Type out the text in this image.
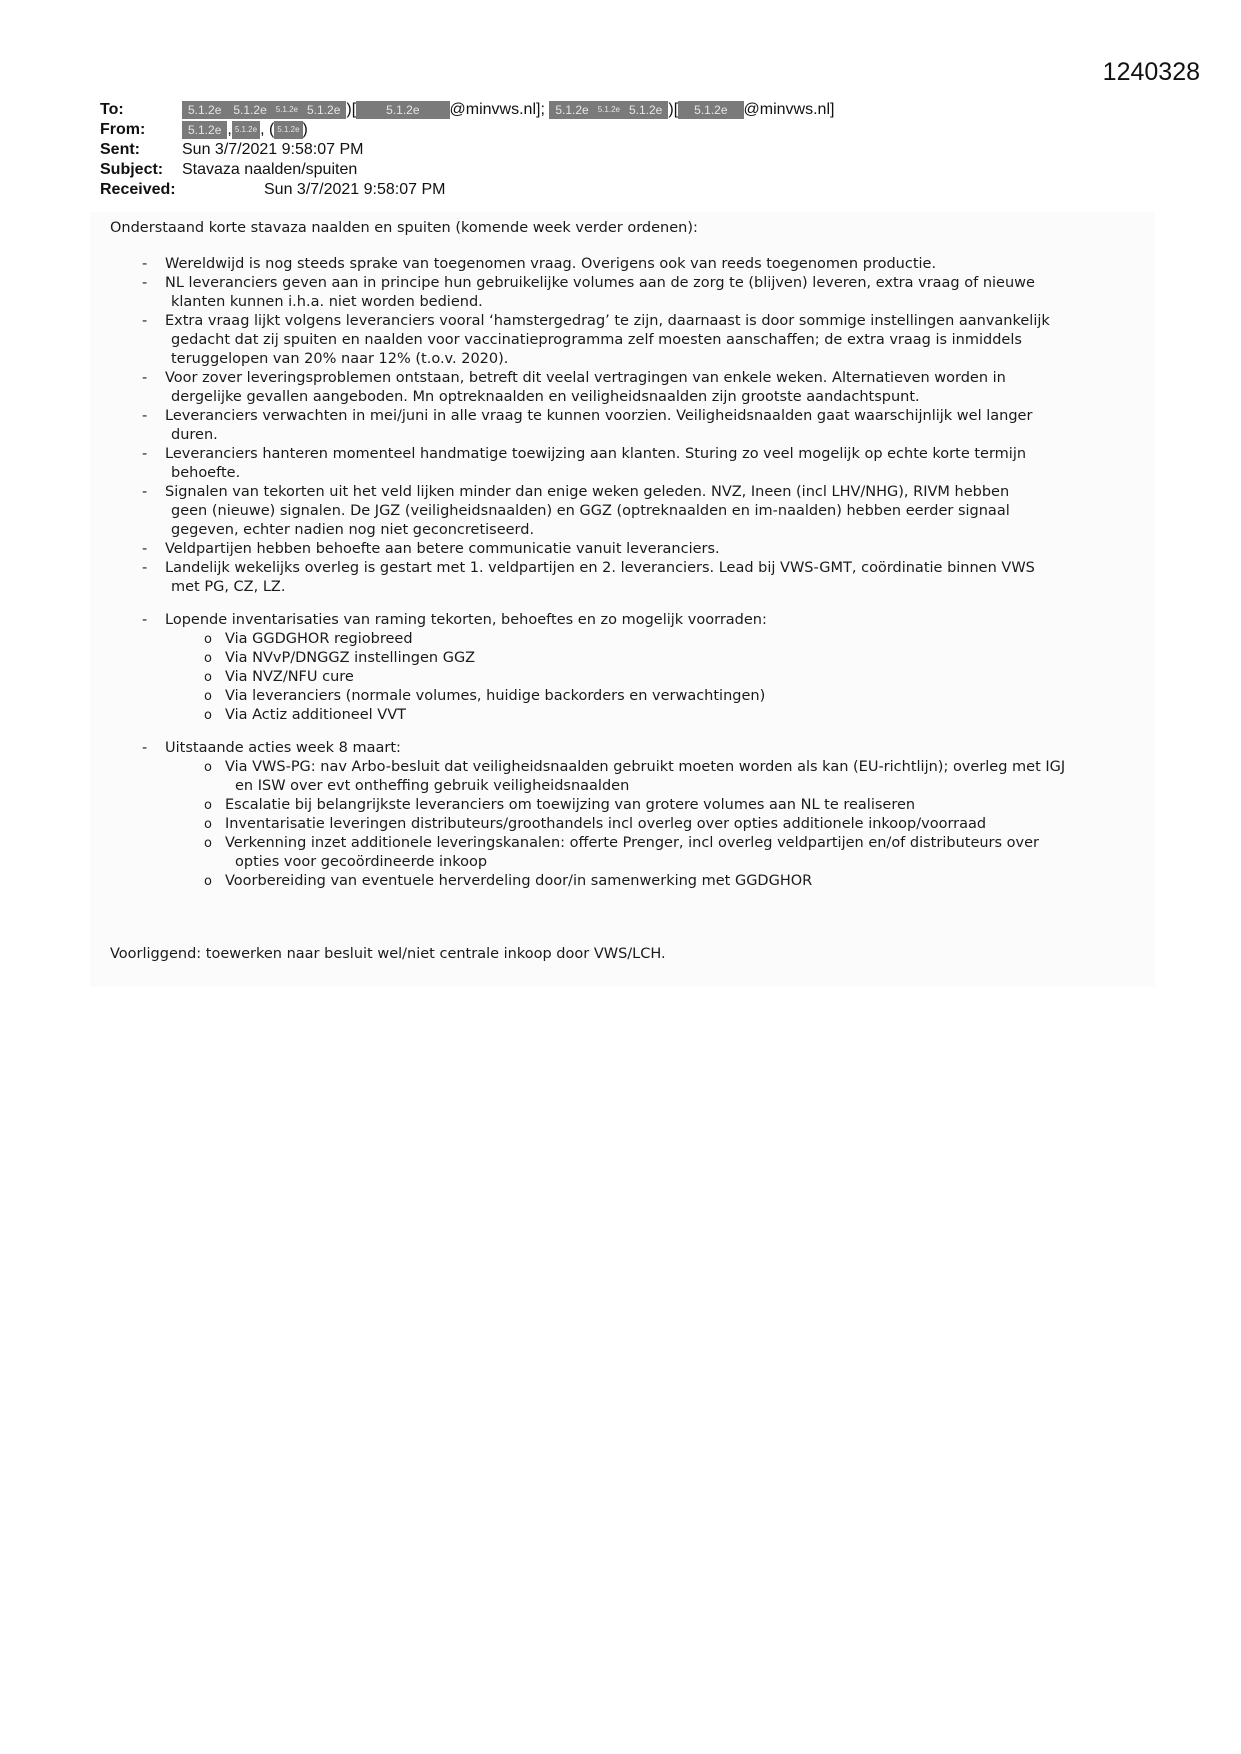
1240328
To:	5.1.2e	5.1.2e	5.1.2e 5.1.2e )[	5.1.2e	@minvws.nl];
5.1.2e	5.1.2e 5.1.2e )[	5.1.2e	@minvws.nl]
From:	5.1.2e , 5.1.2e , ( 5.1.2e )
Sent:	Sun 3/7/2021 9:58:07 PM
Subject:	Stavaza naalden/spuiten
Received:	Sun 3/7/2021 9:58:07 PM
Onderstaand korte stavaza naalden en spuiten (komende week verder ordenen):
- Wereldwijd is nog steeds sprake van toegenomen vraag. Overigens ook van reeds toegenomen productie.
- NL leveranciers geven aan in principe hun gebruikelijke volumes aan de zorg te (blijven) leveren, extra vraag of nieuwe
klanten kunnen i.h.a. niet worden bediend.
- Extra vraag lijkt volgens leveranciers vooral ‘hamstergedrag’ te zijn, daarnaast is door sommige instellingen aanvankelijk
gedacht dat zij spuiten en naalden voor vaccinatieprogramma zelf moesten aanschaffen; de extra vraag is inmiddels
teruggelopen van 20% naar 12% (t.o.v. 2020).
- Voor zover leveringsproblemen ontstaan, betreft dit veelal vertragingen van enkele weken. Alternatieven worden in
dergelijke gevallen aangeboden. Mn optreknaalden en veiligheidsnaalden zijn grootste aandachtspunt.
- Leveranciers verwachten in mei/juni in alle vraag te kunnen voorzien. Veiligheidsnaalden gaat waarschijnlijk wel langer
duren.
- Leveranciers hanteren momenteel handmatige toewijzing aan klanten. Sturing zo veel mogelijk op echte korte termijn
behoefte.
- Signalen van tekorten uit het veld lijken minder dan enige weken geleden. NVZ, Ineen (incl LHV/NHG), RIVM hebben
geen (nieuwe) signalen. De JGZ (veiligheidsnaalden) en GGZ (optreknaalden en im-naalden) hebben eerder signaal
gegeven, echter nadien nog niet geconcretiseerd.
- Veldpartijen hebben behoefte aan betere communicatie vanuit leveranciers.
- Landelijk wekelijks overleg is gestart met 1. veldpartijen en 2. leveranciers. Lead bij VWS-GMT, coördinatie binnen VWS
met PG, CZ, LZ.
- Lopende inventarisaties van raming tekorten, behoeftes en zo mogelijk voorraden:
o Via GGDGHOR regiobreed
o Via NVvP/DNGGZ instellingen GGZ
o Via NVZ/NFU cure
o Via leveranciers (normale volumes, huidige backorders en verwachtingen)
o Via Actiz additioneel VVT
- Uitstaande acties week 8 maart:
o Via VWS-PG: nav Arbo-besluit dat veiligheidsnaalden gebruikt moeten worden als kan (EU-richtlijn); overleg met IGJ
en ISW over evt ontheffing gebruik veiligheidsnaalden
o Escalatie bij belangrijkste leveranciers om toewijzing van grotere volumes aan NL te realiseren
o Inventarisatie leveringen distributeurs/groothandels incl overleg over opties additionele inkoop/voorraad
o Verkenning inzet additionele leveringskanalen: offerte Prenger, incl overleg veldpartijen en/of distributeurs over
opties voor gecoördineerde inkoop
o Voorbereiding van eventuele herverdeling door/in samenwerking met GGDGHOR
Voorliggend: toewerken naar besluit wel/niet centrale inkoop door VWS/LCH.
